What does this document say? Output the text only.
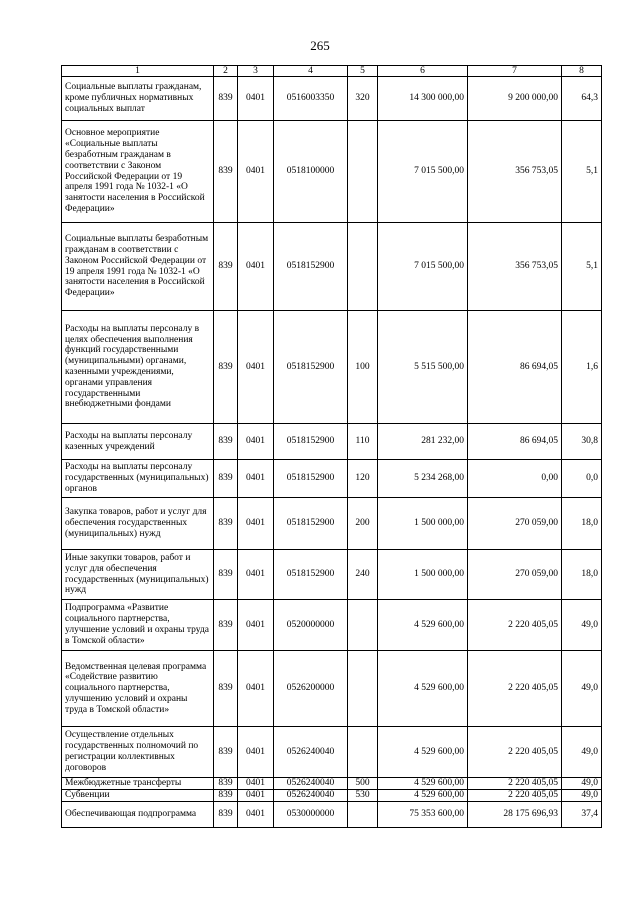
265
1	2	3	4	5	6	7	8
Социальные выплаты гражданам, кроме публичных нормативных социальных выплат	839	0401	0516003350	320	14 300 000,00	9 200 000,00	64,3
Основное мероприятие «Социальные выплаты безработным гражданам в соответствии с Законом Российской Федерации от 19 апреля 1991 года № 1032-1 «О занятости населения в Российской Федерации»	839	0401	0518100000		7 015 500,00	356 753,05	5,1
Социальные выплаты безработным гражданам в соответствии с Законом Российской Федерации от 19 апреля 1991 года № 1032-1 «О занятости населения в Российской Федерации»	839	0401	0518152900		7 015 500,00	356 753,05	5,1
Расходы на выплаты персоналу в целях обеспечения выполнения функций государственными (муниципальными) органами, казенными учреждениями, органами управления государственными внебюджетными фондами	839	0401	0518152900	100	5 515 500,00	86 694,05	1,6
Расходы на выплаты персоналу казенных учреждений	839	0401	0518152900	110	281 232,00	86 694,05	30,8
Расходы на выплаты персоналу государственных (муниципальных) органов	839	0401	0518152900	120	5 234 268,00	0,00	0,0
Закупка товаров, работ и услуг для обеспечения государственных (муниципальных) нужд	839	0401	0518152900	200	1 500 000,00	270 059,00	18,0
Иные закупки товаров, работ и услуг для обеспечения государственных (муниципальных) нужд	839	0401	0518152900	240	1 500 000,00	270 059,00	18,0
Подпрограмма «Развитие социального партнерства, улучшение условий и охраны труда в Томской области»	839	0401	0520000000		4 529 600,00	2 220 405,05	49,0
Ведомственная целевая программа «Содействие развитию социального партнерства, улучшению условий и охраны труда в Томской области»	839	0401	0526200000		4 529 600,00	2 220 405,05	49,0
Осуществление отдельных государственных полномочий по регистрации коллективных договоров	839	0401	0526240040		4 529 600,00	2 220 405,05	49,0
Межбюджетные трансферты	839	0401	0526240040	500	4 529 600,00	2 220 405,05	49,0
Субвенции	839	0401	0526240040	530	4 529 600,00	2 220 405,05	49,0
Обеспечивающая подпрограмма	839	0401	0530000000		75 353 600,00	28 175 696,93	37,4
